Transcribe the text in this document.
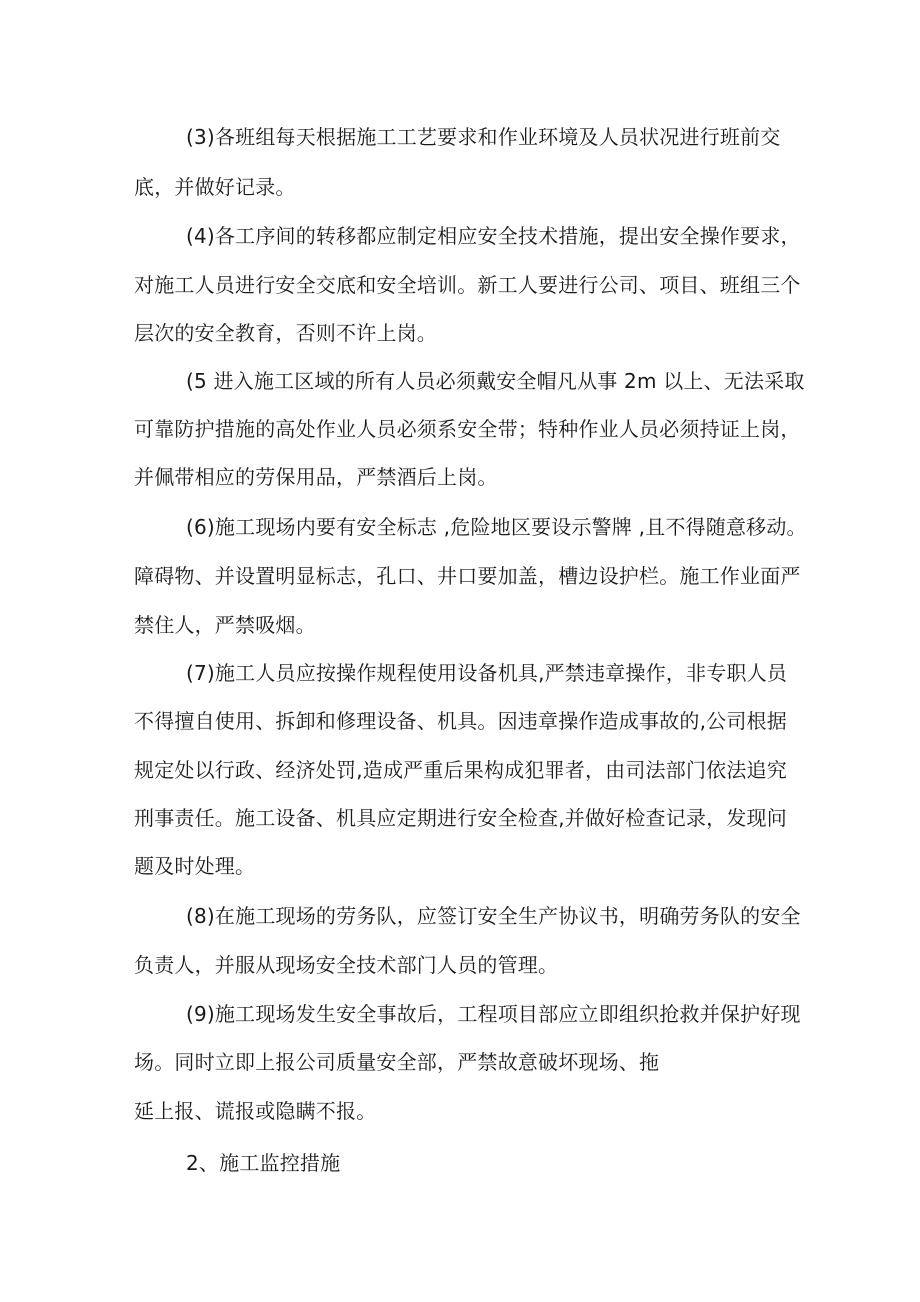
(3)各班组每天根据施工工艺要求和作业环境及人员状况进行班前交
底，并做好记录。
(4)各工序间的转移都应制定相应安全技术措施，提出安全操作要求，
对施工人员进行安全交底和安全培训。新工人要进行公司、项目、班组三个
层次的安全教育，否则不许上岗。
(5 进入施工区域的所有人员必须戴安全帽凡从事 2m 以上、无法采取
可靠防护措施的高处作业人员必须系安全带；特种作业人员必须持证上岗，
并佩带相应的劳保用品，严禁酒后上岗。
(6)施工现场内要有安全标志 ,危险地区要设示警牌 ,且不得随意移动。
障碍物、并设置明显标志，孔口、井口要加盖，槽边设护栏。施工作业面严
禁住人，严禁吸烟。
(7)施工人员应按操作规程使用设备机具,严禁违章操作，非专职人员
不得擅自使用、拆卸和修理设备、机具。因违章操作造成事故的,公司根据
规定处以行政、经济处罚,造成严重后果构成犯罪者，由司法部门依法追究
刑事责任。施工设备、机具应定期进行安全检查,并做好检查记录，发现问
题及时处理。
(8)在施工现场的劳务队，应签订安全生产协议书，明确劳务队的安全
负责人，并服从现场安全技术部门人员的管理。
(9)施工现场发生安全事故后，工程项目部应立即组织抢救并保护好现
场。同时立即上报公司质量安全部，严禁故意破坏现场、拖
延上报、谎报或隐瞒不报。
2、施工监控措施
